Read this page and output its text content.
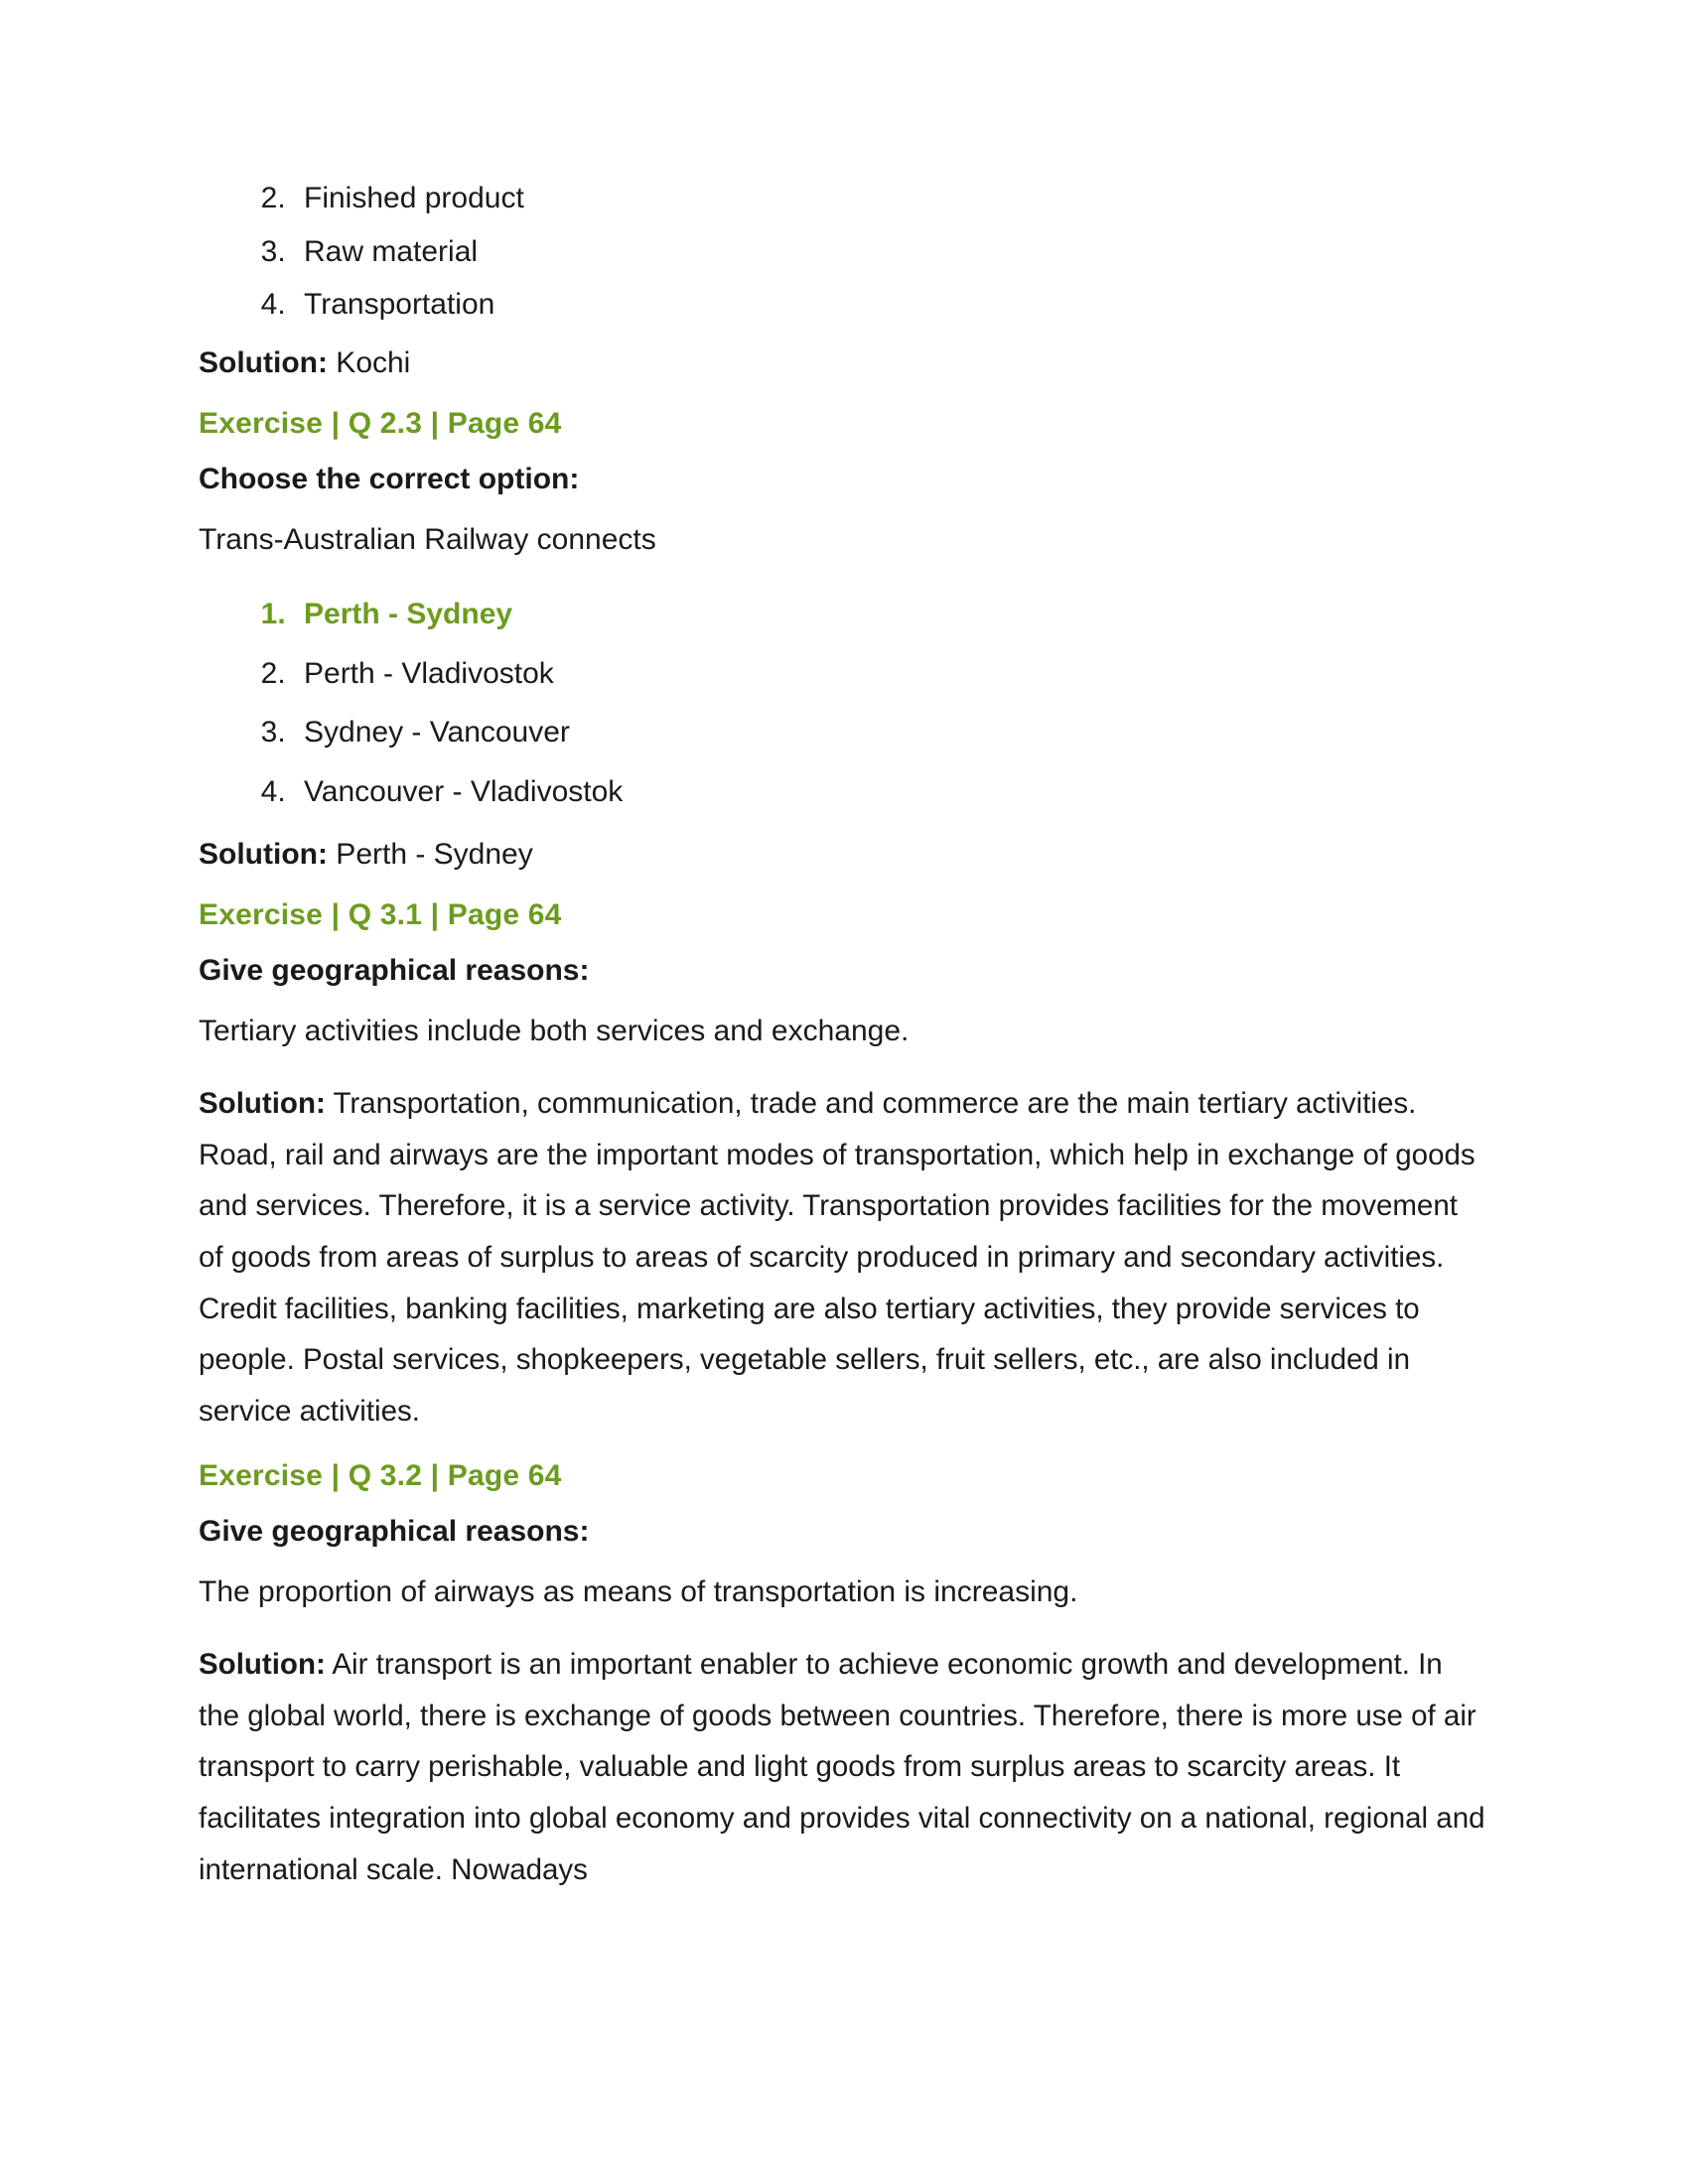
2. Finished product
3. Raw material
4. Transportation

Solution: Kochi

Exercise | Q 2.3 | Page 64

Choose the correct option:

Trans-Australian Railway connects

1. Perth - Sydney
2. Perth - Vladivostok
3. Sydney - Vancouver
4. Vancouver - Vladivostok

Solution: Perth - Sydney

Exercise | Q 3.1 | Page 64

Give geographical reasons:

Tertiary activities include both services and exchange.

Solution: Transportation, communication, trade and commerce are the main tertiary activities. Road, rail and airways are the important modes of transportation, which help in exchange of goods and services. Therefore, it is a service activity. Transportation provides facilities for the movement of goods from areas of surplus to areas of scarcity produced in primary and secondary activities. Credit facilities, banking facilities, marketing are also tertiary activities, they provide services to people. Postal services, shopkeepers, vegetable sellers, fruit sellers, etc., are also included in service activities.

Exercise | Q 3.2 | Page 64

Give geographical reasons:

The proportion of airways as means of transportation is increasing.

Solution: Air transport is an important enabler to achieve economic growth and development. In the global world, there is exchange of goods between countries. Therefore, there is more use of air transport to carry perishable, valuable and light goods from surplus areas to scarcity areas. It facilitates integration into global economy and provides vital connectivity on a national, regional and international scale. Nowadays
